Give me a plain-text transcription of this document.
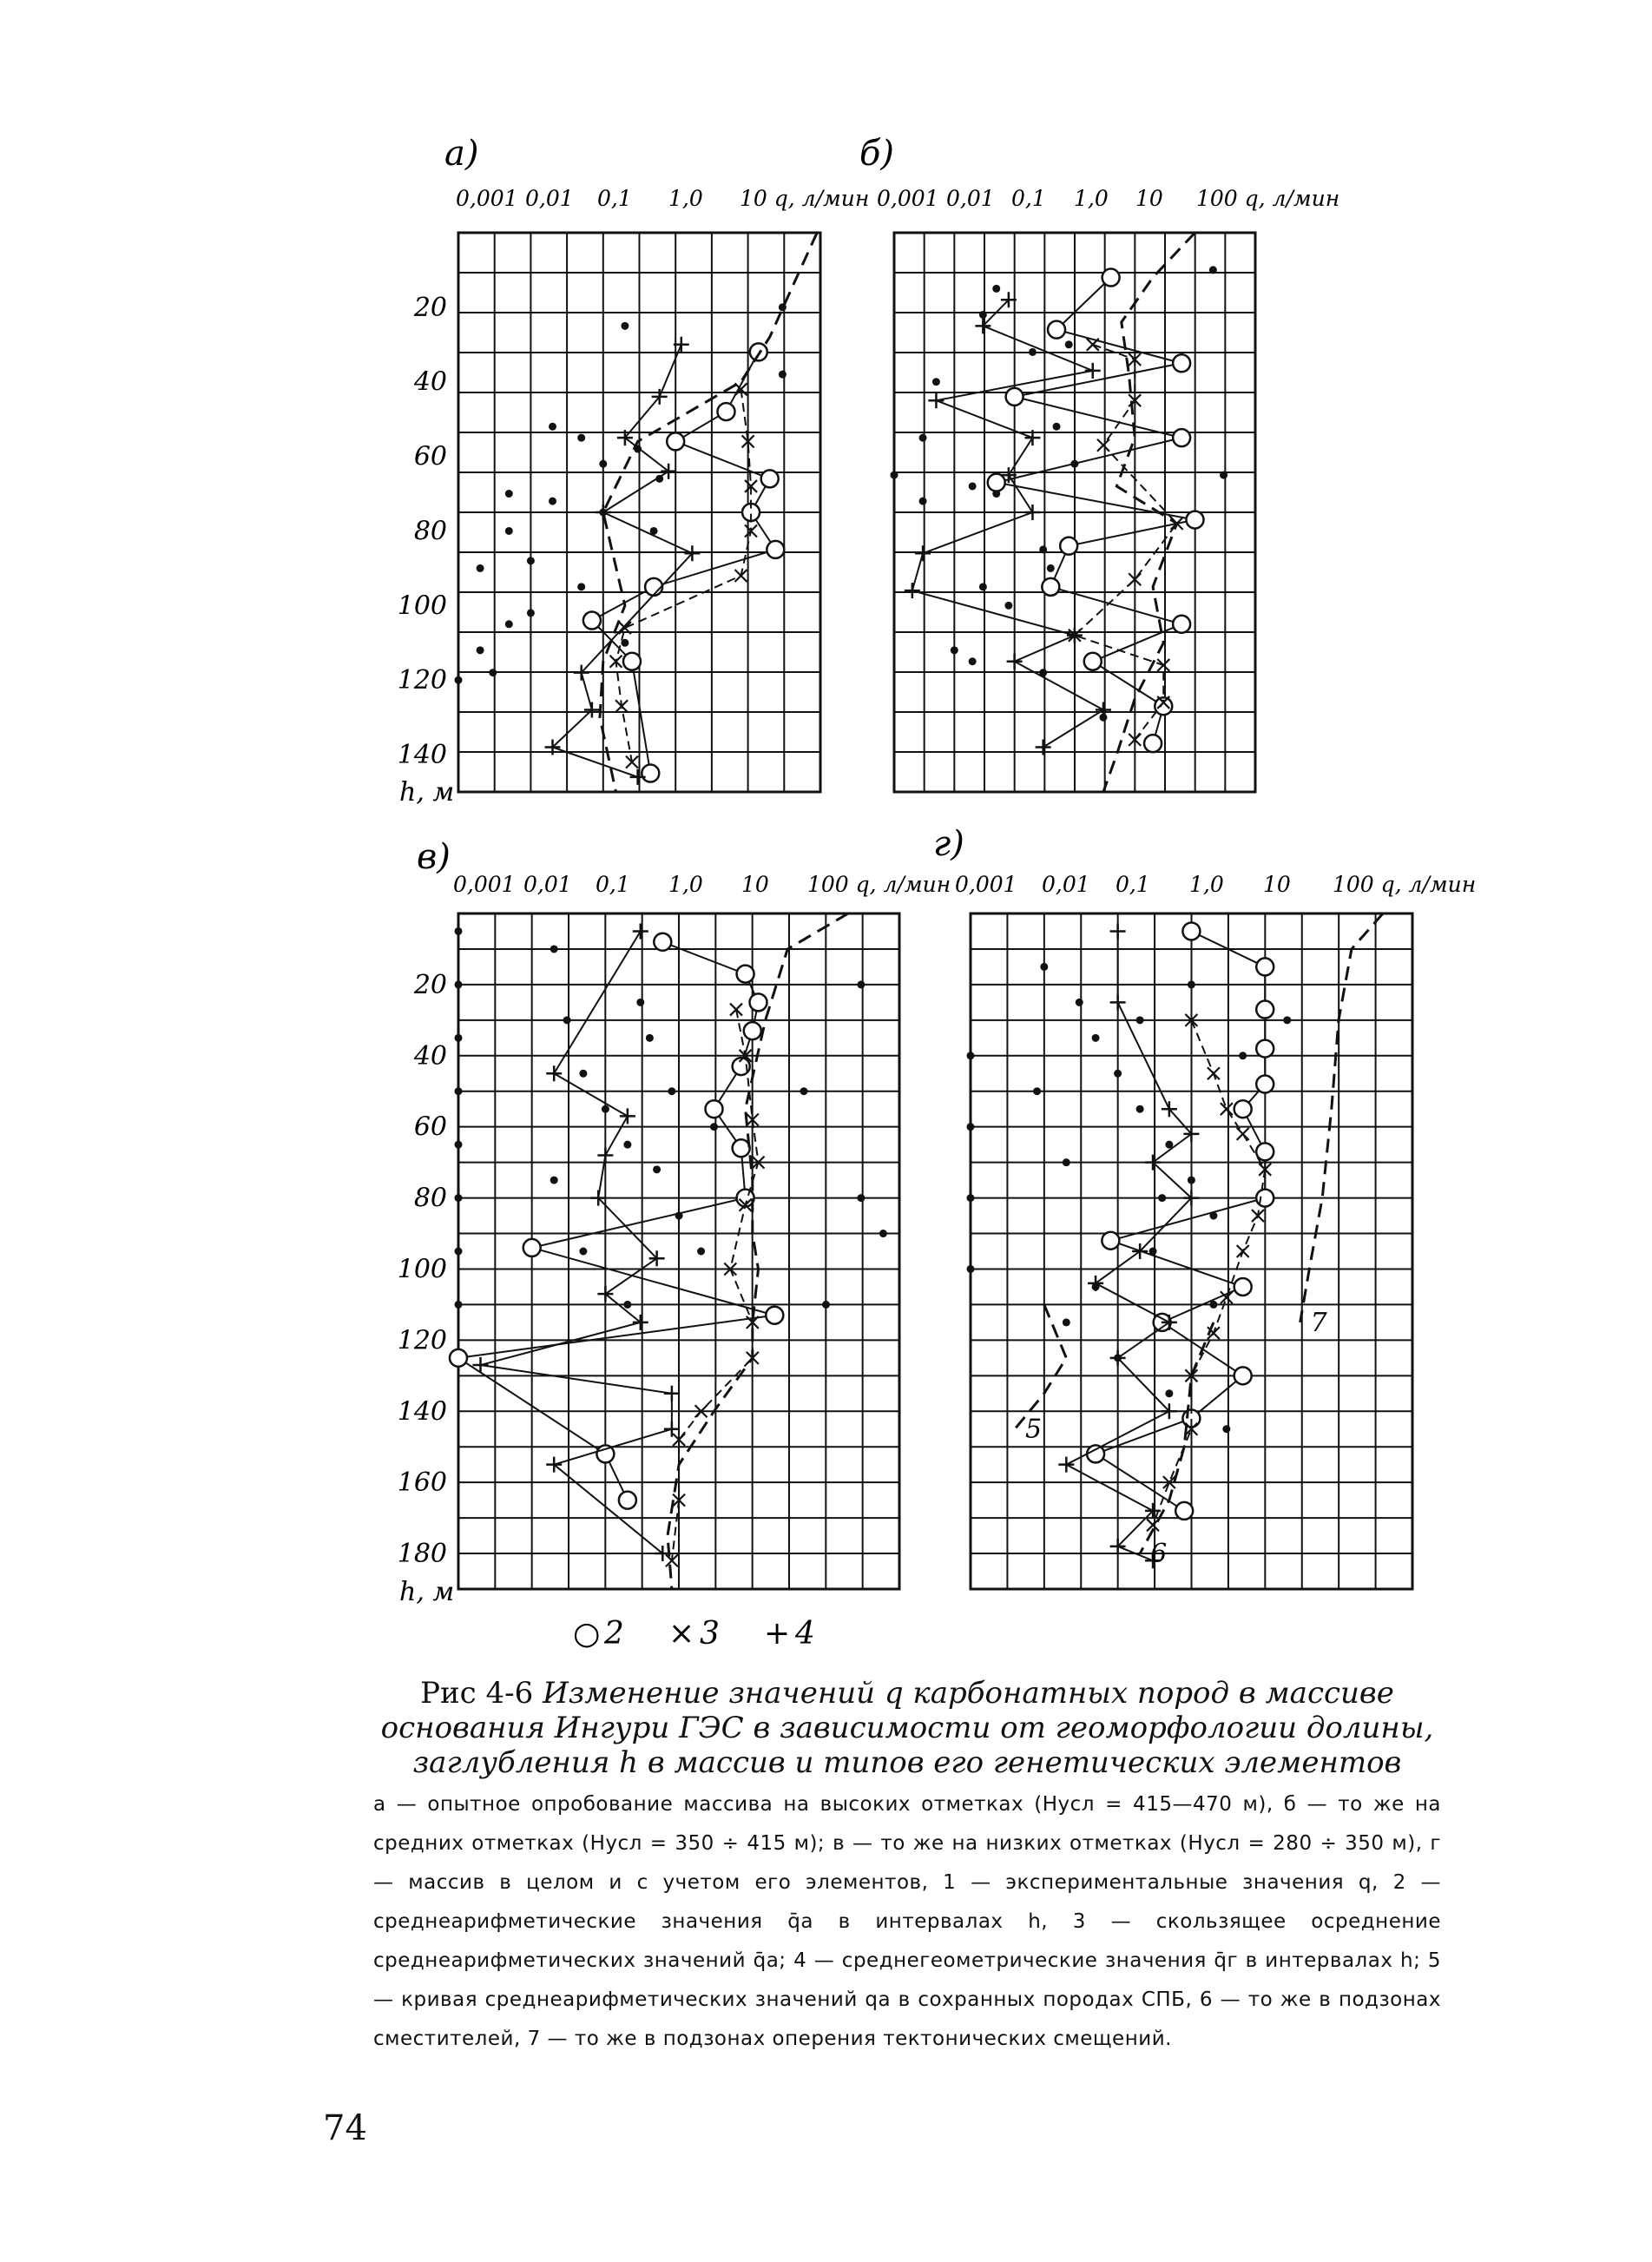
а)
0,001 0,01 0,1 1,0 10 q, л/мин
20
40
60
80
100
120
140
h, м
б)
0,001 0,01 0,1 1,0 10 100 q, л/мин
в)
0,001 0,01 0,1 1,0 10 100 q, л/мин
20
40
60
80
100
120
140
160
180
h, м
г)
0,001 0,01 0,1 1,0 10 100 q, л/мин
5
6
7
○ 2 × 3 + 4

Рис 4-6 Изменение значений q карбонатных пород в массиве основания Ингури ГЭС в зависимости от геоморфологии долины, заглубления h в массив и типов его генетических элементов

а — опытное опробование массива на высоких отметках (Нусл = 415—470 м), б — то же на средних отметках (Нусл = 350 ÷ 415 м); в — то же на низких отметках (Нусл = 280 ÷ 350 м), г — массив в целом и с учетом его элементов, 1 — экспериментальные значения q, 2 — среднеарифметические значения q̄а в интервалах h, 3 — скользящее осреднение среднеарифметических значений q̄а; 4 — среднегеометрические значения q̄г в интервалах h; 5 — кривая среднеарифметических значений qа в сохранных породах СПБ, 6 — то же в подзонах сместителей, 7 — то же в подзонах оперения тектонических смещений.

74
